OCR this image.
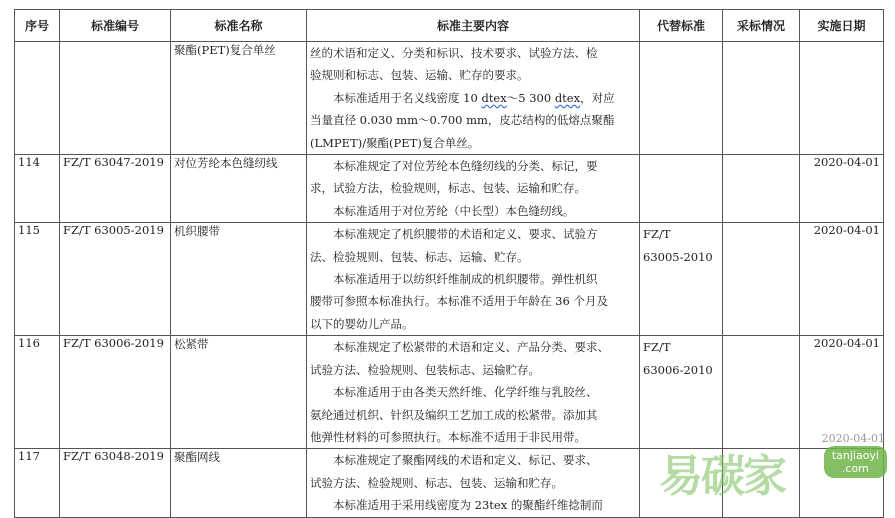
序号	标准编号	标准名称	标准主要内容	代替标准	采标情况	实施日期
		聚酯(PET)复合单丝	丝的术语和定义、分类和标识、技术要求、试验方法、检
验规则和标志、包装、运输、贮存的要求。
本标准适用于名义线密度 10 dtex～5 300 dtex，对应
当量直径 0.030 mm～0.700 mm，皮芯结构的低熔点聚酯
(LMPET)/聚酯(PET)复合单丝。			

114	FZ/T 63047-2019	对位芳纶本色缝纫线	本标准规定了对位芳纶本色缝纫线的分类、标记，要
求，试验方法，检验规则，标志、包装、运输和贮存。
本标准适用于对位芳纶（中长型）本色缝纫线。			2020-04-01
115	FZ/T 63005-2019	机织腰带	本标准规定了机织腰带的术语和定义、要求、试验方
法、检验规则、包装、标志、运输、贮存。
本标准适用于以纺织纤维制成的机织腰带。弹性机织
腰带可参照本标准执行。本标准不适用于年龄在 36 个月及
以下的婴幼儿产品。	FZ/T
63005-2010		2020-04-01
116	FZ/T 63006-2019	松紧带	本标准规定了松紧带的术语和定义、产品分类、要求、
试验方法、检验规则、包装标志、运输贮存。
本标准适用于由各类天然纤维、化学纤维与乳胶丝、
氨纶通过机织、针织及编织工艺加工成的松紧带。添加其
他弹性材料的可参照执行。本标准不适用于非民用带。	FZ/T
63006-2010		2020-04-01
117	FZ/T 63048-2019	聚酯网线	本标准规定了聚酯网线的术语和定义、标记、要求、
试验方法、检验规则、标志、包装、运输和贮存。
本标准适用于采用线密度为 23tex 的聚酯纤维捻制而			

2020-04-01
易碳家	tanjiaoyi
.com
